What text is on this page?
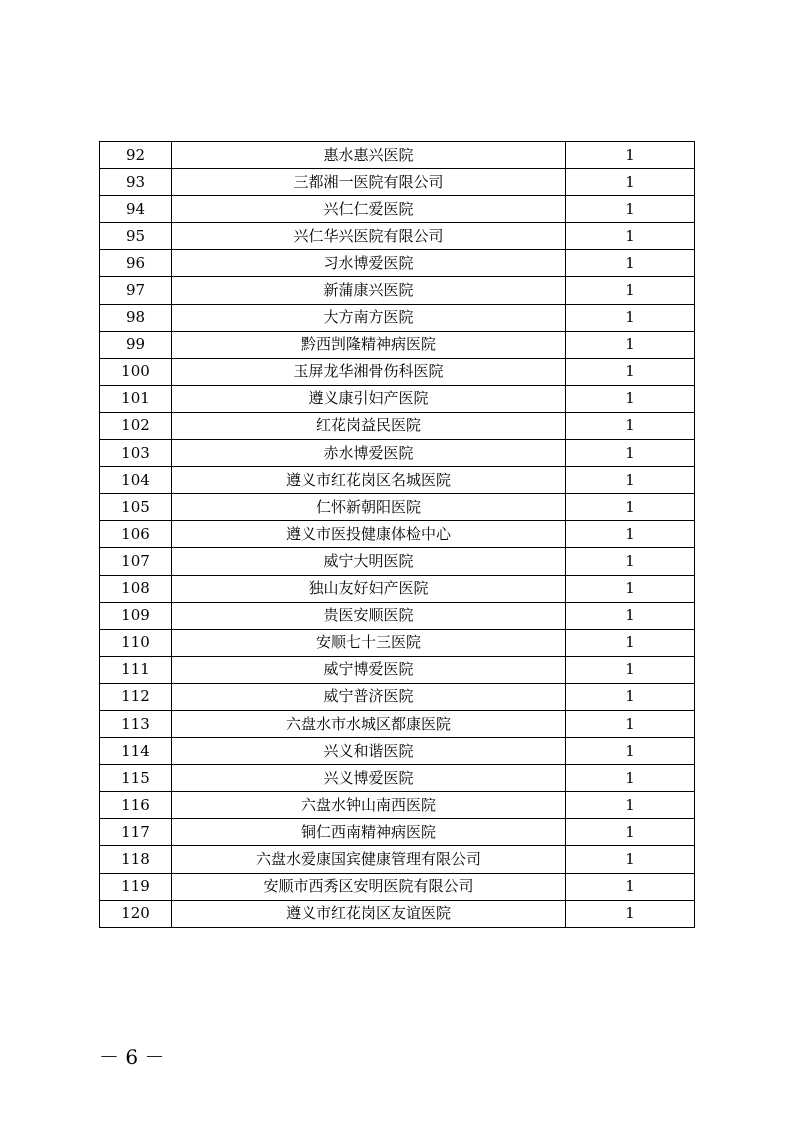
92	惠水惠兴医院	1
93	三都湘一医院有限公司	1
94	兴仁仁爱医院	1
95	兴仁华兴医院有限公司	1
96	习水博爱医院	1
97	新蒲康兴医院	1
98	大方南方医院	1
99	黔西剀隆精神病医院	1
100	玉屏龙华湘骨伤科医院	1
101	遵义康引妇产医院	1
102	红花岗益民医院	1
103	赤水博爱医院	1
104	遵义市红花岗区名城医院	1
105	仁怀新朝阳医院	1
106	遵义市医投健康体检中心	1
107	威宁大明医院	1
108	独山友好妇产医院	1
109	贵医安顺医院	1
110	安顺七十三医院	1
111	威宁博爱医院	1
112	威宁普济医院	1
113	六盘水市水城区都康医院	1
114	兴义和谐医院	1
115	兴义博爱医院	1
116	六盘水钟山南西医院	1
117	铜仁西南精神病医院	1
118	六盘水爱康国宾健康管理有限公司	1
119	安顺市西秀区安明医院有限公司	1
120	遵义市红花岗区友谊医院	1
－ 6 －
